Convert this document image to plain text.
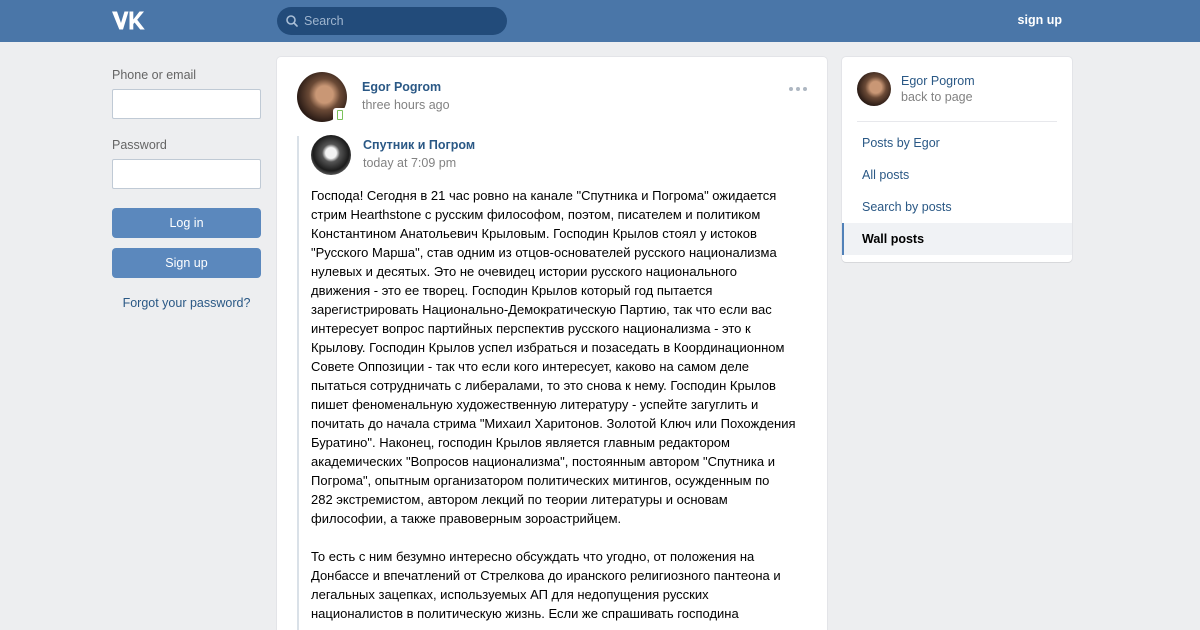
Search
sign up
Phone or email
Password
Log in
Sign up
Forgot your password?
Egor Pogrom
three hours ago
Спутник и Погром
today at 7:09 pm

Господа! Сегодня в 21 час ровно на канале "Спутника и Погрома" ожидается
стрим Hearthstone с русским философом, поэтом, писателем и политиком
Константином Анатольевич Крыловым. Господин Крылов стоял у истоков
"Русского Марша", став одним из отцов-основателей русского национализма
нулевых и десятых. Это не очевидец истории русского национального
движения - это ее творец. Господин Крылов который год пытается
зарегистрировать Национально-Демократическую Партию, так что если вас
интересует вопрос партийных перспектив русского национализма - это к
Крылову. Господин Крылов успел избраться и позаседать в Координационном
Совете Оппозиции - так что если кого интересует, каково на самом деле
пытаться сотрудничать с либералами, то это снова к нему. Господин Крылов
пишет феноменальную художественную литературу - успейте загуглить и
почитать до начала стрима "Михаил Харитонов. Золотой Ключ или Похождения
Буратино". Наконец, господин Крылов является главным редактором
академических "Вопросов национализма", постоянным автором "Спутника и
Погрома", опытным организатором политических митингов, осужденным по
282 экстремистом, автором лекций по теории литературы и основам
философии, а также правоверным зороастрийцем.

То есть с ним безумно интересно обсуждать что угодно, от положения на
Донбассе и впечатлений от Стрелкова до иранского религиозного пантеона и
легальных зацепках, используемых АП для недопущения русских
националистов в политическую жизнь. Если же спрашивать господина

Egor Pogrom
back to page
Posts by Egor
All posts
Search by posts
Wall posts
